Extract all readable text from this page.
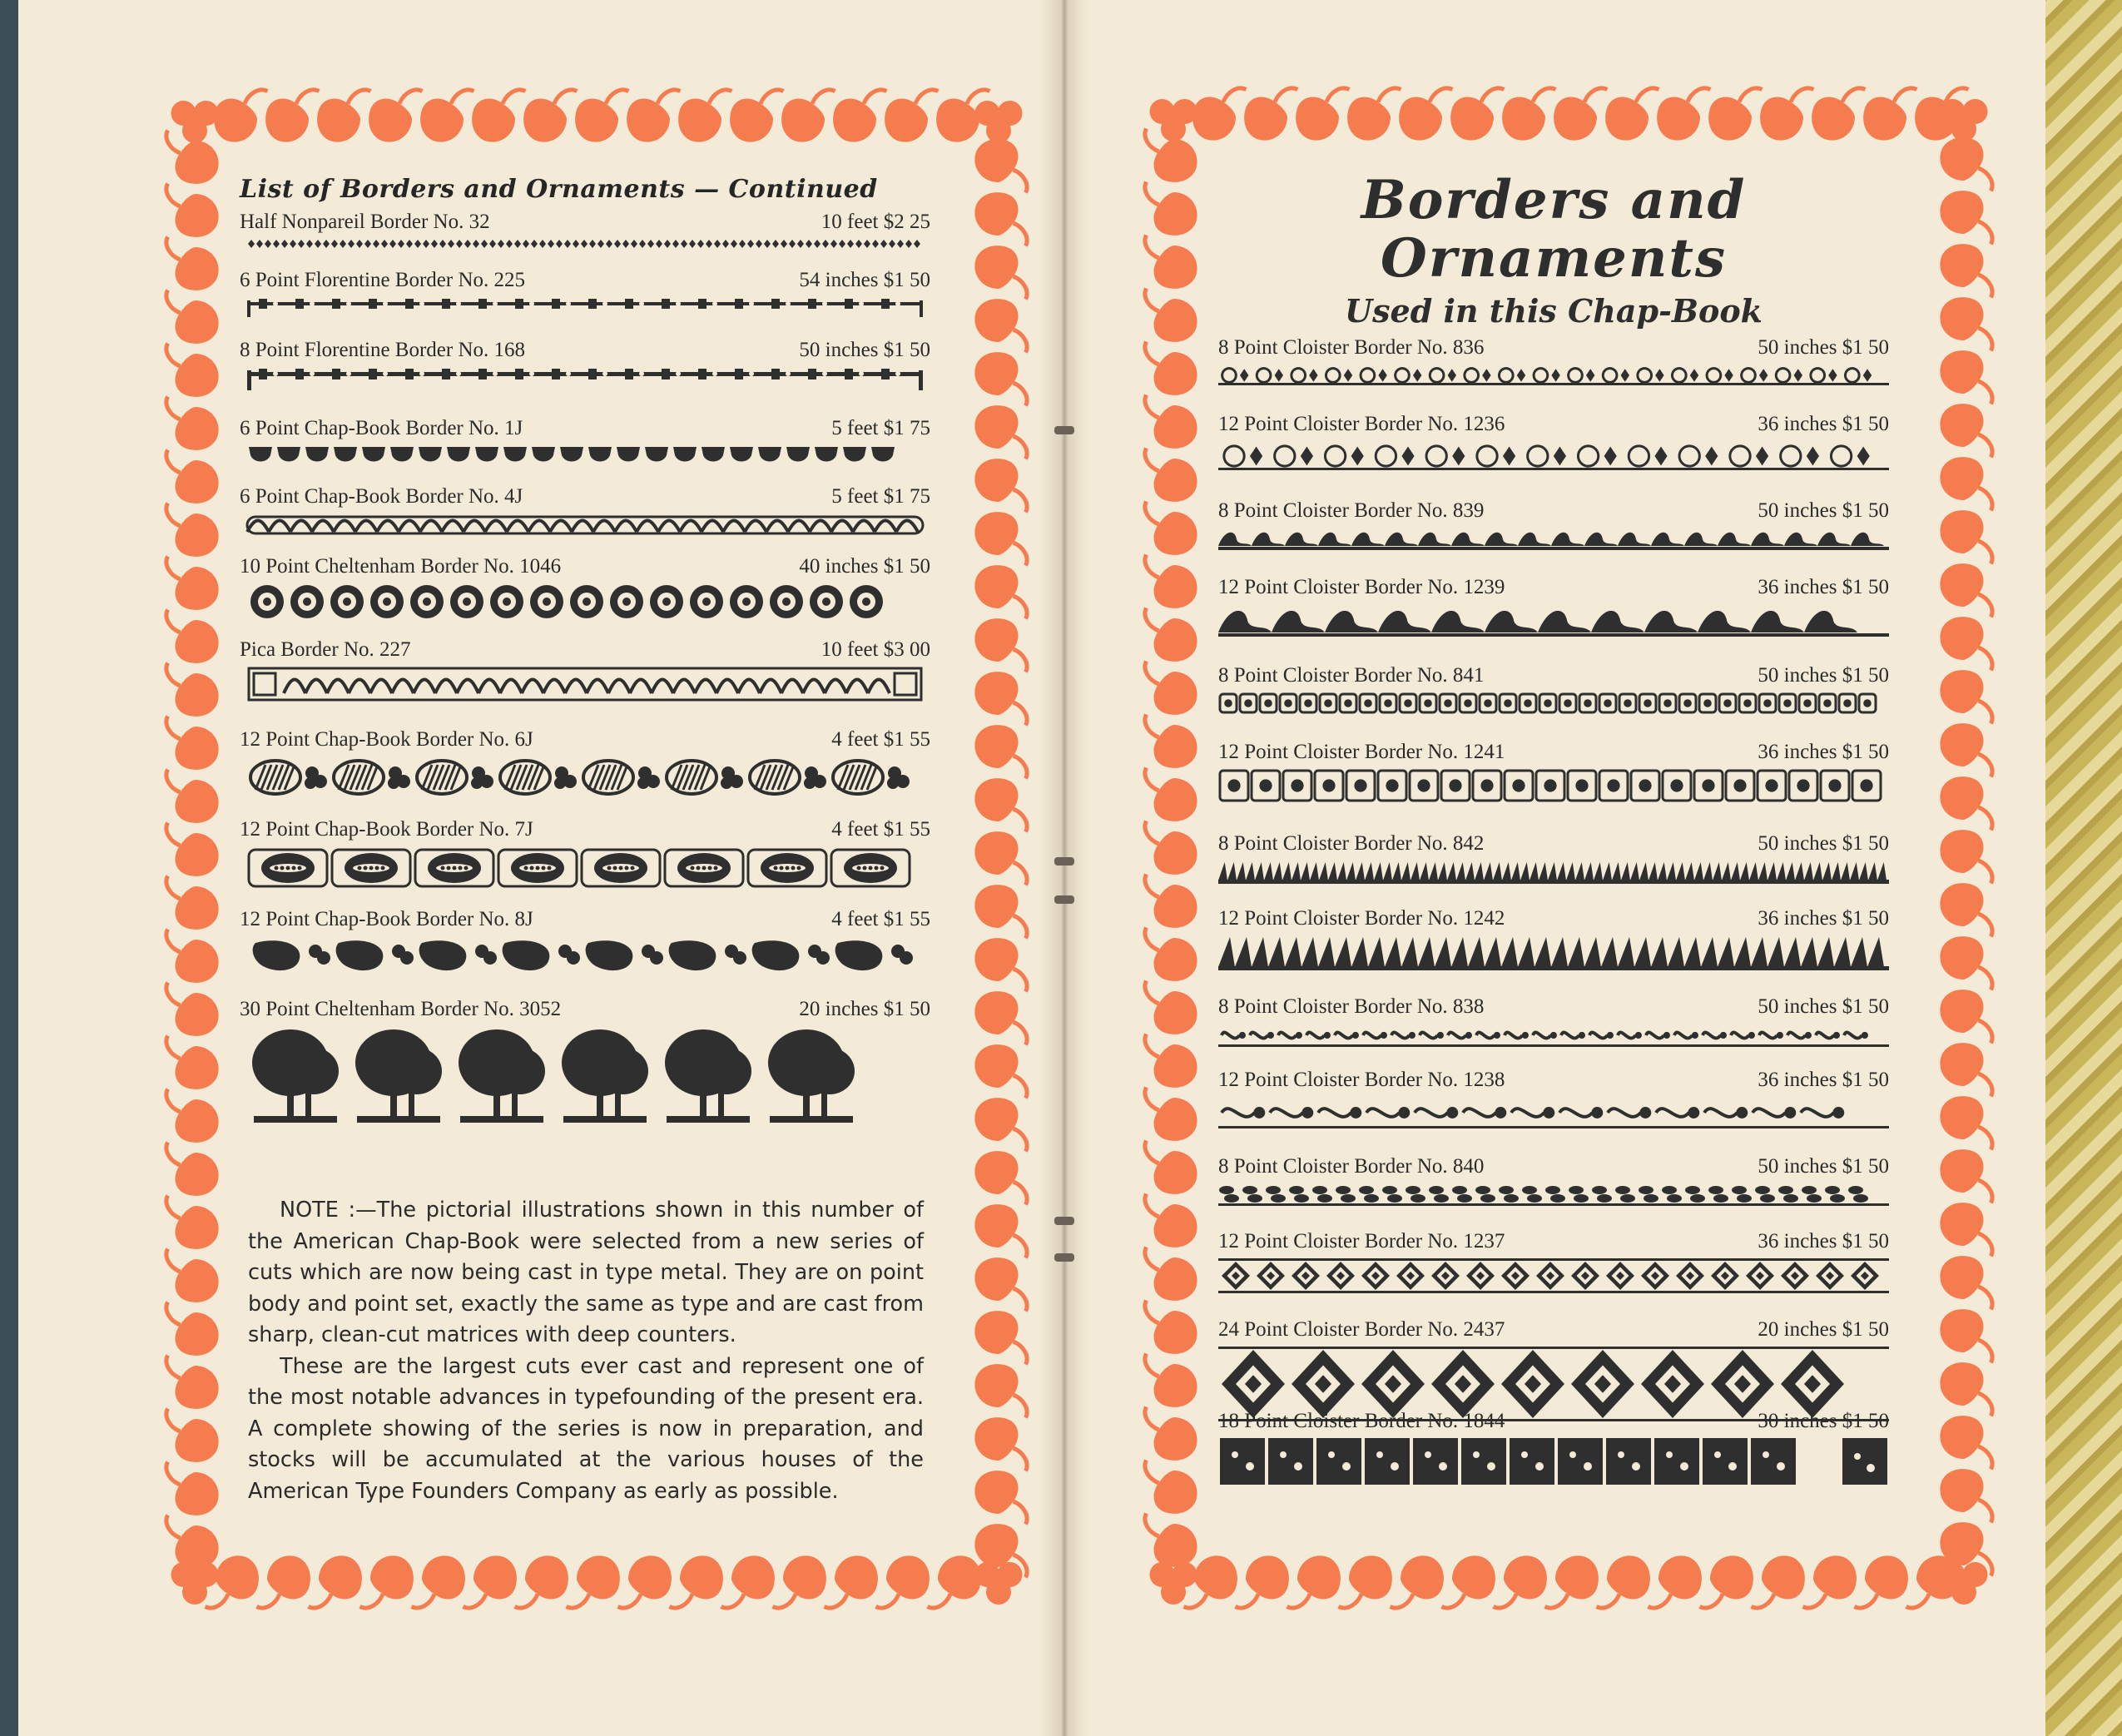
List of Borders and Ornaments — Continued
Half Nonpareil Border No. 32	10 feet $2 25
6 Point Florentine Border No. 225	54 inches $1 50
8 Point Florentine Border No. 168	50 inches $1 50
6 Point Chap-Book Border No. 1J	5 feet $1 75
6 Point Chap-Book Border No. 4J	5 feet $1 75
10 Point Cheltenham Border No. 1046	40 inches $1 50
Pica Border No. 227	10 feet $3 00
12 Point Chap-Book Border No. 6J	4 feet $1 55
12 Point Chap-Book Border No. 7J	4 feet $1 55
12 Point Chap-Book Border No. 8J	4 feet $1 55
30 Point Cheltenham Border No. 3052	20 inches $1 50

NOTE :—The pictorial illustrations shown in this number of the American Chap-Book were selected from a new series of cuts which are now being cast in type metal. They are on point body and point set, exactly the same as type and are cast from sharp, clean-cut matrices with deep counters.

These are the largest cuts ever cast and represent one of the most notable advances in typefounding of the present era. A complete showing of the series is now in preparation, and stocks will be accumulated at the various houses of the American Type Founders Company as early as possible.

Borders and Ornaments
Used in this Chap-Book
8 Point Cloister Border No. 836	50 inches $1 50
12 Point Cloister Border No. 1236	36 inches $1 50
8 Point Cloister Border No. 839	50 inches $1 50
12 Point Cloister Border No. 1239	36 inches $1 50
8 Point Cloister Border No. 841	50 inches $1 50
12 Point Cloister Border No. 1241	36 inches $1 50
8 Point Cloister Border No. 842	50 inches $1 50
12 Point Cloister Border No. 1242	36 inches $1 50
8 Point Cloister Border No. 838	50 inches $1 50
12 Point Cloister Border No. 1238	36 inches $1 50
8 Point Cloister Border No. 840	50 inches $1 50
12 Point Cloister Border No. 1237	36 inches $1 50
24 Point Cloister Border No. 2437	20 inches $1 50
18 Point Cloister Border No. 1844	30 inches $1 50
